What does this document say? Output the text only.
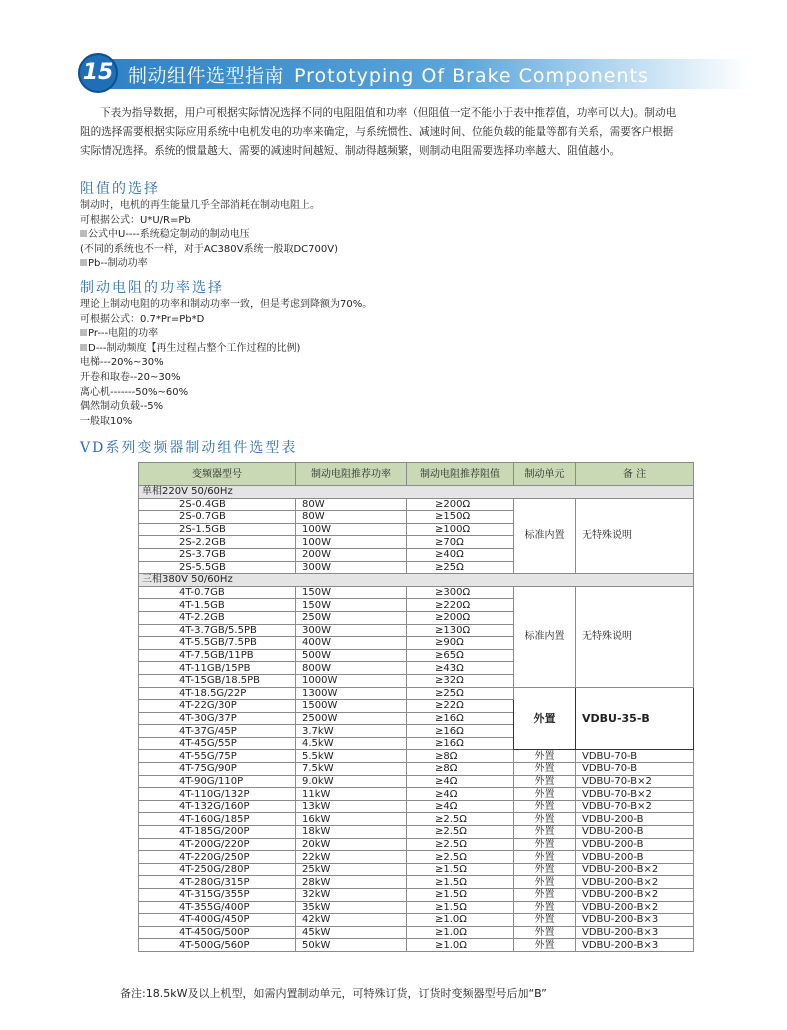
15 制动组件选型指南 Prototyping Of Brake Components

下表为指导数据，用户可根据实际情况选择不同的电阻阻值和功率（但阻值一定不能小于表中推荐值，功率可以大)。制动电

阻的选择需要根据实际应用系统中电机发电的功率来确定，与系统惯性、减速时间、位能负载的能量等都有关系，需要客户根据
实际情况选择。系统的惯量越大、需要的减速时间越短、制动得越频繁，则制动电阻需要选择功率越大、阻值越小。
阻值的选择
制动时，电机的再生能量几乎全部消耗在制动电阻上。
可根据公式：U*U/R=Pb
公式中U----系统稳定制动的制动电压
(不同的系统也不一样，对于AC380V系统一般取DC700V)
Pb--制动功率
制动电阻的功率选择
理论上制动电阻的功率和制动功率一致，但是考虑到降额为70%。
可根据公式：0.7*Pr=Pb*D
Pr---电阻的功率
D---制动频度【再生过程占整个工作过程的比例)
电梯---20%~30%
开卷和取卷--20~30%
离心机-------50%~60%
偶然制动负载--5%
一般取10%
VD系列变频器制动组件选型表
变频器型号	制动电阻推荐功率	制动电阻推荐阻值	制动单元	备 注
单相220V 50/60Hz				
2S-0.4GB	80W	≥200Ω	标准内置	无特殊说明
2S-0.7GB	80W	≥150Ω		
2S-1.5GB	100W	≥100Ω		
2S-2.2GB	100W	≥70Ω		
2S-3.7GB	200W	≥40Ω		
2S-5.5GB	300W	≥25Ω		
三相380V 50/60Hz				
4T-0.7GB	150W	≥300Ω	标准内置	无特殊说明
4T-1.5GB	150W	≥220Ω		
4T-2.2GB	250W	≥200Ω		
4T-3.7GB/5.5PB	300W	≥130Ω		
4T-5.5GB/7.5PB	400W	≥90Ω		
4T-7.5GB/11PB	500W	≥65Ω		
4T-11GB/15PB	800W	≥43Ω		
4T-15GB/18.5PB	1000W	≥32Ω		
4T-18.5G/22P	1300W	≥25Ω	外置	VDBU-35-B
4T-22G/30P	1500W	≥22Ω		
4T-30G/37P	2500W	≥16Ω		
4T-37G/45P	3.7kW	≥16Ω		
4T-45G/55P	4.5kW	≥16Ω		
4T-55G/75P	5.5kW	≥8Ω	外置	VDBU-70-B
4T-75G/90P	7.5kW	≥8Ω	外置	VDBU-70-B
4T-90G/110P	9.0kW	≥4Ω	外置	VDBU-70-B×2
4T-110G/132P	11kW	≥4Ω	外置	VDBU-70-B×2
4T-132G/160P	13kW	≥4Ω	外置	VDBU-70-B×2
4T-160G/185P	16kW	≥2.5Ω	外置	VDBU-200-B
4T-185G/200P	18kW	≥2.5Ω	外置	VDBU-200-B
4T-200G/220P	20kW	≥2.5Ω	外置	VDBU-200-B
4T-220G/250P	22kW	≥2.5Ω	外置	VDBU-200-B
4T-250G/280P	25kW	≥1.5Ω	外置	VDBU-200-B×2
4T-280G/315P	28kW	≥1.5Ω	外置	VDBU-200-B×2
4T-315G/355P	32kW	≥1.5Ω	外置	VDBU-200-B×2
4T-355G/400P	35kW	≥1.5Ω	外置	VDBU-200-B×2
4T-400G/450P	42kW	≥1.0Ω	外置	VDBU-200-B×3
4T-450G/500P	45kW	≥1.0Ω	外置	VDBU-200-B×3
4T-500G/560P	50kW	≥1.0Ω	外置	VDBU-200-B×3
备注:18.5kW及以上机型，如需内置制动单元，可特殊订货，订货时变频器型号后加“B”
